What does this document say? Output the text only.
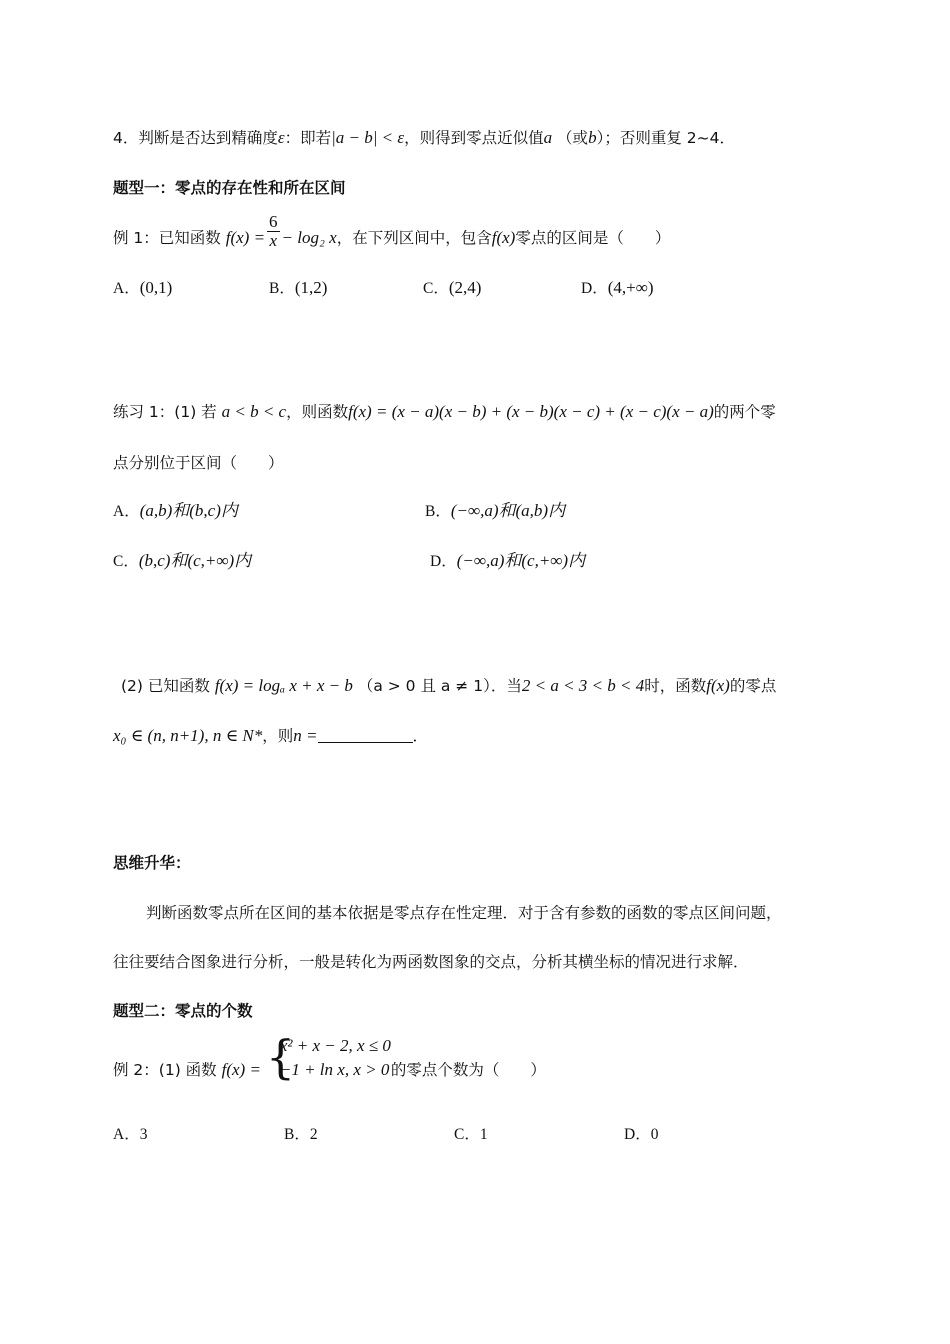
4．判断是否达到精确度ε：即若|a − b| < ε，则得到零点近似值a （或b）；否则重复 2~4．
题型一：零点的存在性和所在区间
例 1：已知函数 $f(x) = \frac{6}{x} - \log_2$ x，在下列区间中，包含f(x)零点的区间是（　　）
A．(0,1)	B．(1,2)	C．(2,4)	D．(4,+∞)
练习 1：(1) 若 a < b < c，则函数f(x) = (x − a)(x − b) + (x − b)(x − c) + (x − c)(x − a)的两个零
点分别位于区间（　　）
A．(a,b)和(b,c)内	B．(−∞,a)和(a,b)内
C．(b,c)和(c,+∞)内	D．(−∞,a)和(c,+∞)内
(2) 已知函数 f(x) = logₐ x + x − b （a > 0 且 a ≠ 1）．当2 < a < 3 < b < 4时，函数f(x)的零点
x₀ ∈ (n, n+1), n ∈ N*，则n =	．
思维升华：
判断函数零点所在区间的基本依据是零点存在性定理．对于含有参数的函数的零点区间问题，
往往要结合图象进行分析，一般是转化为两函数图象的交点，分析其横坐标的情况进行求解．
题型二：零点的个数
例 2：(1) 函数 f(x) = {
x² + x − 2, x ≤ 0
−1 + ln x, x > 0 的零点个数为（　　）
A．3	B．2	C．1	D．0
